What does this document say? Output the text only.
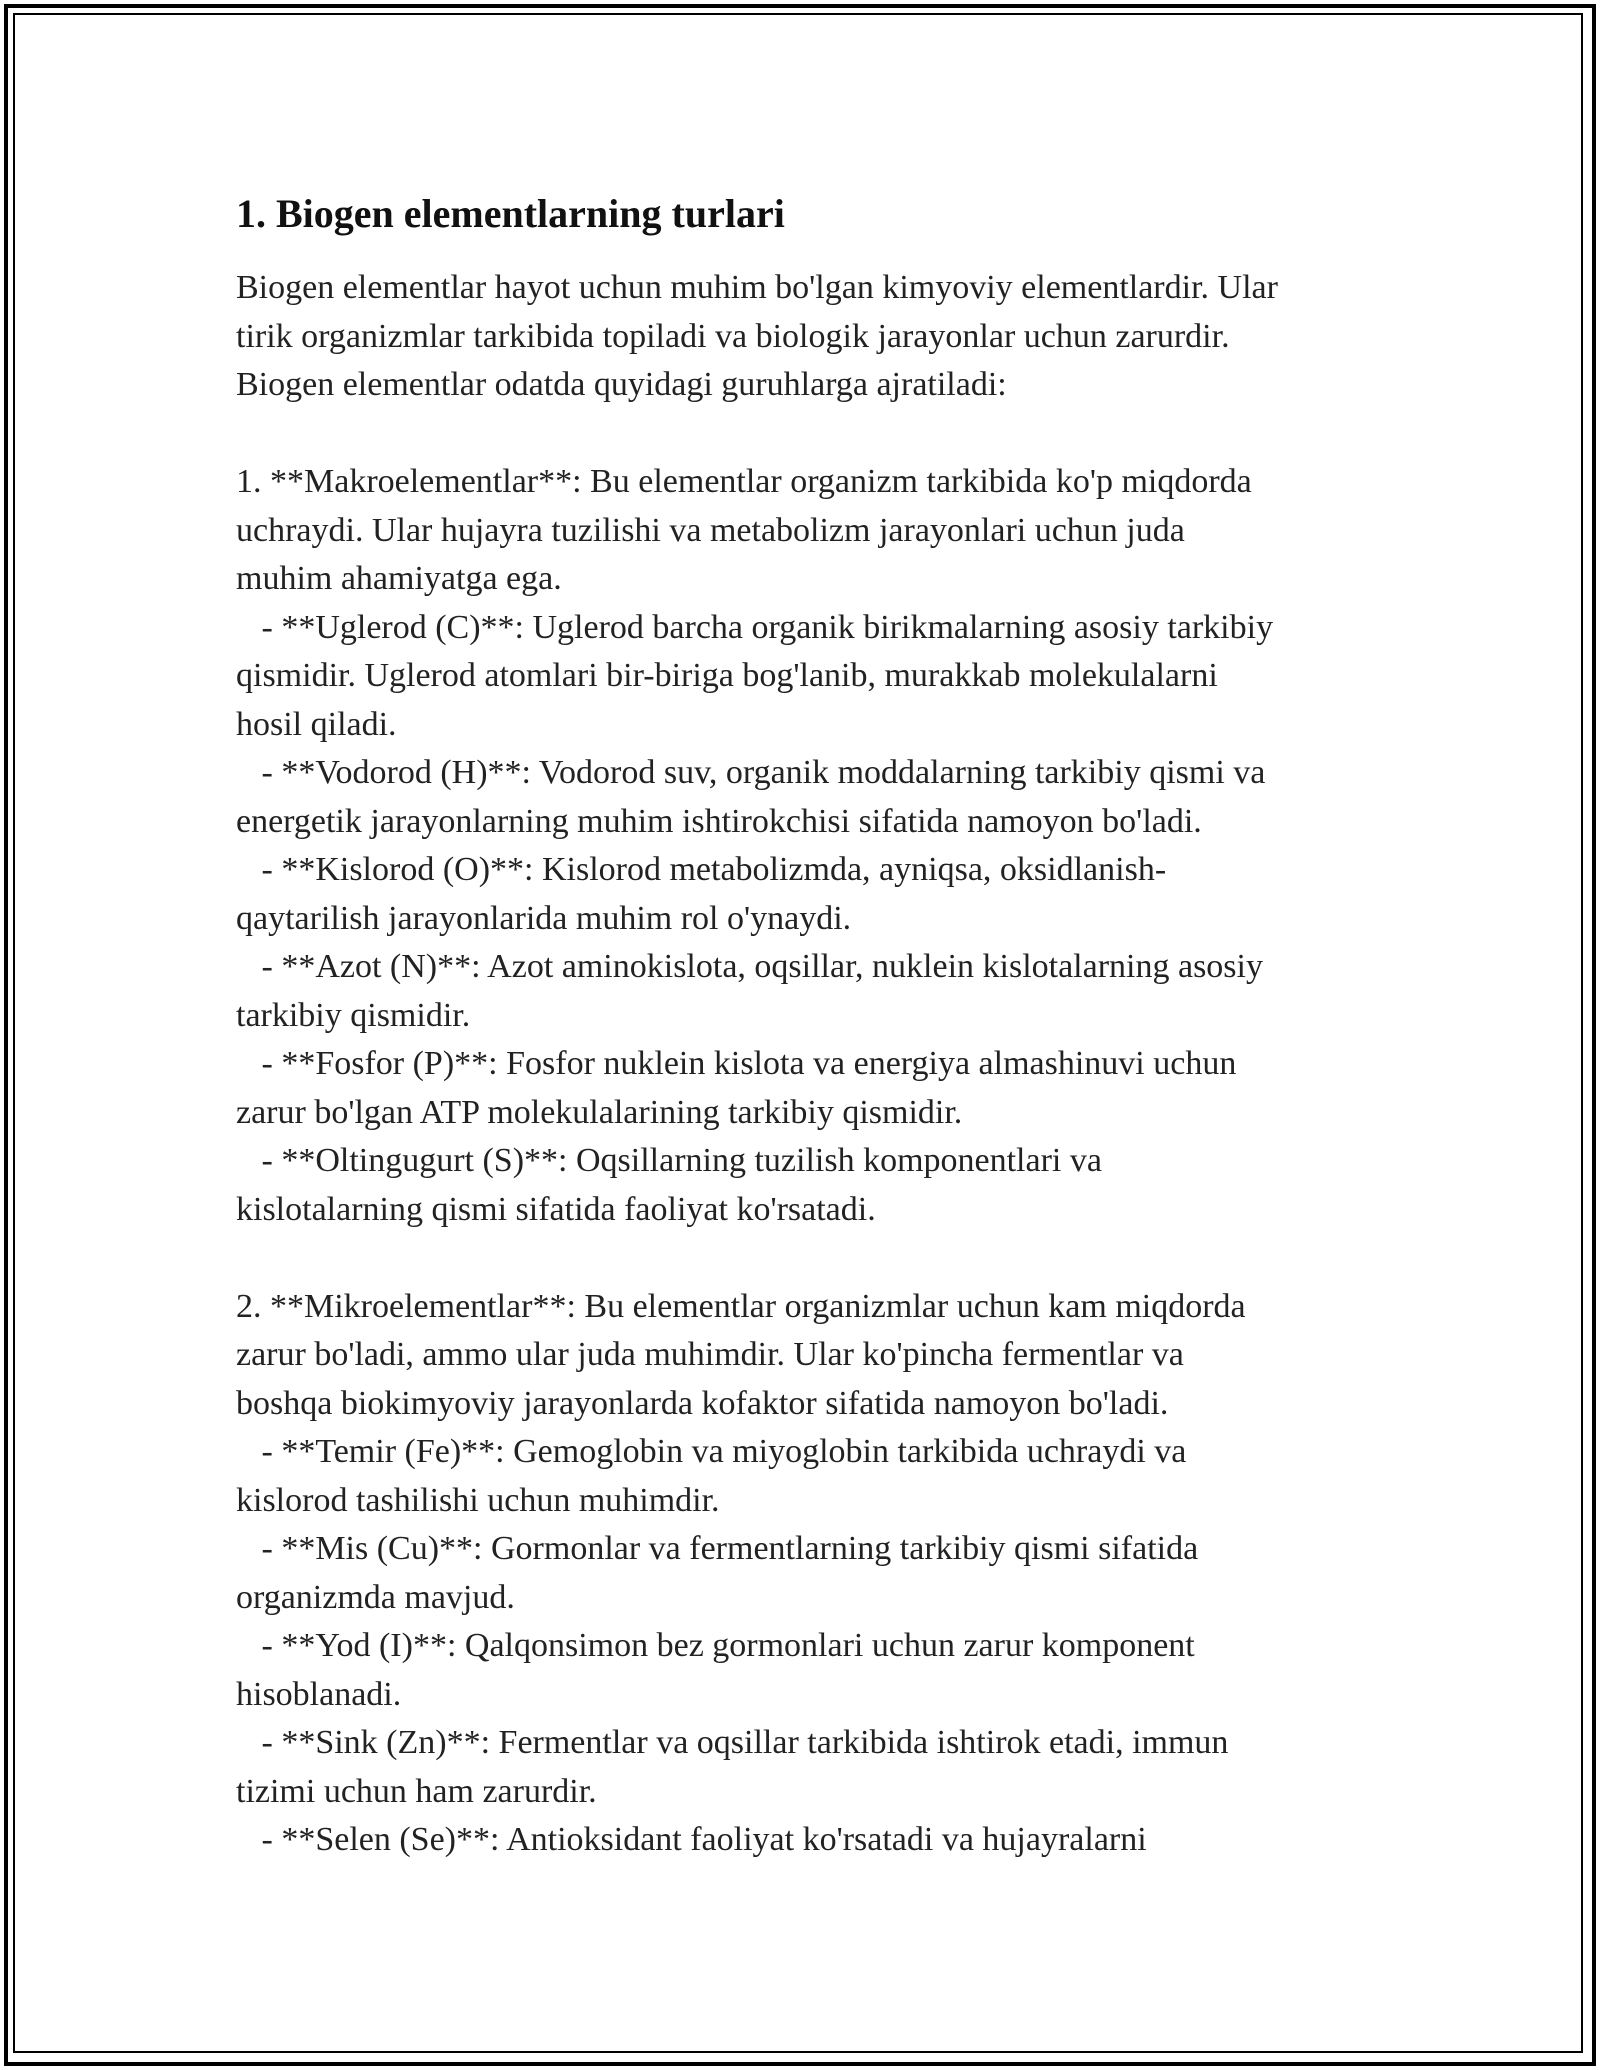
1. Biogen elementlarning turlari
Biogen elementlar hayot uchun muhim bo'lgan kimyoviy elementlardir. Ular
tirik organizmlar tarkibida topiladi va biologik jarayonlar uchun zarurdir.
Biogen elementlar odatda quyidagi guruhlarga ajratiladi:

1. **Makroelementlar**: Bu elementlar organizm tarkibida ko'p miqdorda
uchraydi. Ular hujayra tuzilishi va metabolizm jarayonlari uchun juda
muhim ahamiyatga ega.
- **Uglerod (C)**: Uglerod barcha organik birikmalarning asosiy tarkibiy
qismidir. Uglerod atomlari bir-biriga bog'lanib, murakkab molekulalarni
hosil qiladi.
- **Vodorod (H)**: Vodorod suv, organik moddalarning tarkibiy qismi va
energetik jarayonlarning muhim ishtirokchisi sifatida namoyon bo'ladi.
- **Kislorod (O)**: Kislorod metabolizmda, ayniqsa, oksidlanish-
qaytarilish jarayonlarida muhim rol o'ynaydi.
- **Azot (N)**: Azot aminokislota, oqsillar, nuklein kislotalarning asosiy
tarkibiy qismidir.
- **Fosfor (P)**: Fosfor nuklein kislota va energiya almashinuvi uchun
zarur bo'lgan ATP molekulalarining tarkibiy qismidir.
- **Oltingugurt (S)**: Oqsillarning tuzilish komponentlari va
kislotalarning qismi sifatida faoliyat ko'rsatadi.

2. **Mikroelementlar**: Bu elementlar organizmlar uchun kam miqdorda
zarur bo'ladi, ammo ular juda muhimdir. Ular ko'pincha fermentlar va
boshqa biokimyoviy jarayonlarda kofaktor sifatida namoyon bo'ladi.
- **Temir (Fe)**: Gemoglobin va miyoglobin tarkibida uchraydi va
kislorod tashilishi uchun muhimdir.
- **Mis (Cu)**: Gormonlar va fermentlarning tarkibiy qismi sifatida
organizmda mavjud.
- **Yod (I)**: Qalqonsimon bez gormonlari uchun zarur komponent
hisoblanadi.
- **Sink (Zn)**: Fermentlar va oqsillar tarkibida ishtirok etadi, immun
tizimi uchun ham zarurdir.
- **Selen (Se)**: Antioksidant faoliyat ko'rsatadi va hujayralarni
